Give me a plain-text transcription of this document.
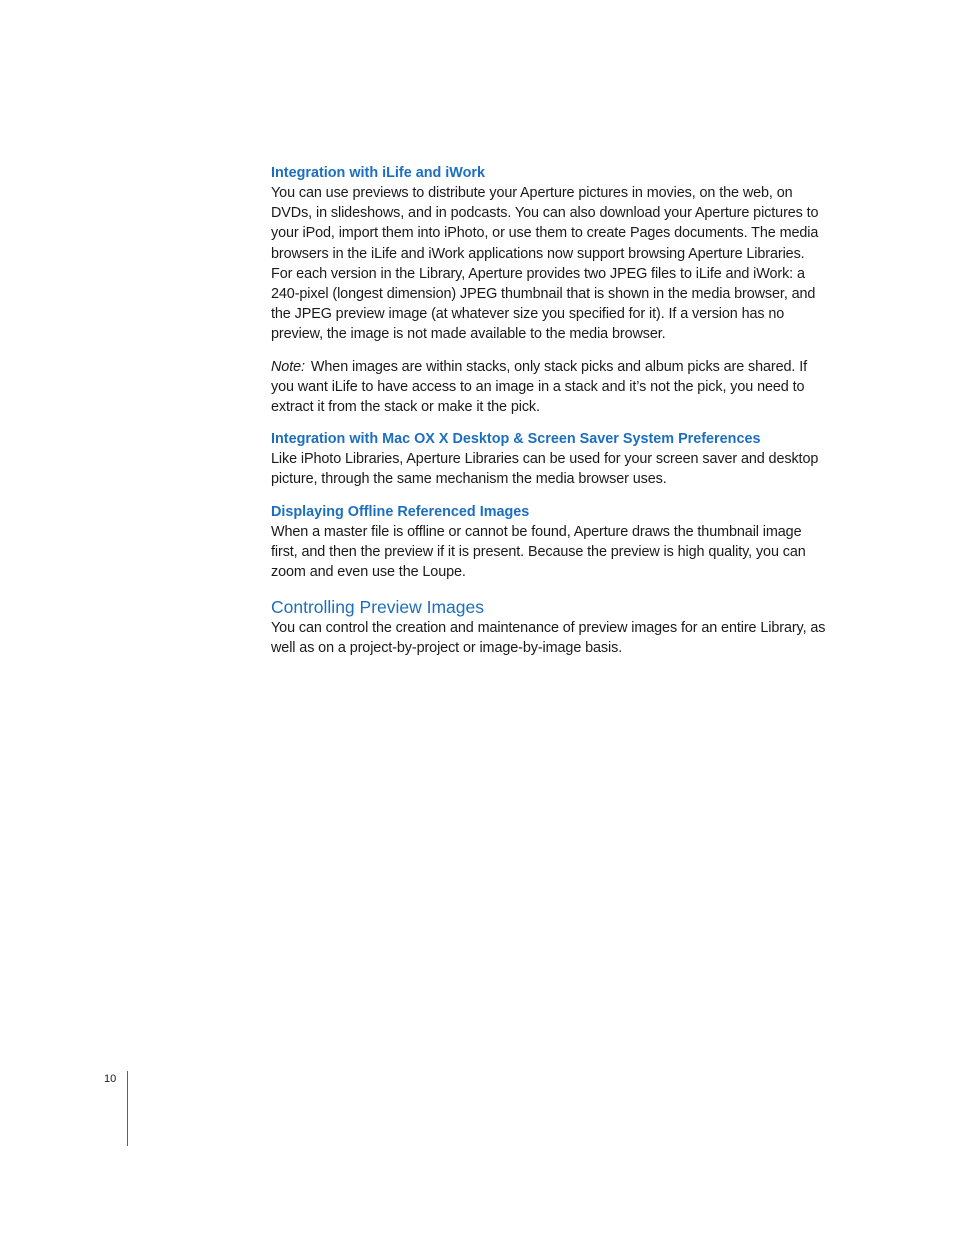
Integration with iLife and iWork

You can use previews to distribute your Aperture pictures in movies, on the web, on DVDs, in slideshows, and in podcasts. You can also download your Aperture pictures to your iPod, import them into iPhoto, or use them to create Pages documents. The media browsers in the iLife and iWork applications now support browsing Aperture Libraries. For each version in the Library, Aperture provides two JPEG files to iLife and iWork: a 240-pixel (longest dimension) JPEG thumbnail that is shown in the media browser, and the JPEG preview image (at whatever size you specified for it). If a version has no preview, the image is not made available to the media browser.

Note: When images are within stacks, only stack picks and album picks are shared. If you want iLife to have access to an image in a stack and it’s not the pick, you need to extract it from the stack or make it the pick.

Integration with Mac OX X Desktop & Screen Saver System Preferences

Like iPhoto Libraries, Aperture Libraries can be used for your screen saver and desktop picture, through the same mechanism the media browser uses.

Displaying Offline Referenced Images

When a master file is offline or cannot be found, Aperture draws the thumbnail image first, and then the preview if it is present. Because the preview is high quality, you can zoom and even use the Loupe.

Controlling Preview Images

You can control the creation and maintenance of preview images for an entire Library, as well as on a project-by-project or image-by-image basis.

10
